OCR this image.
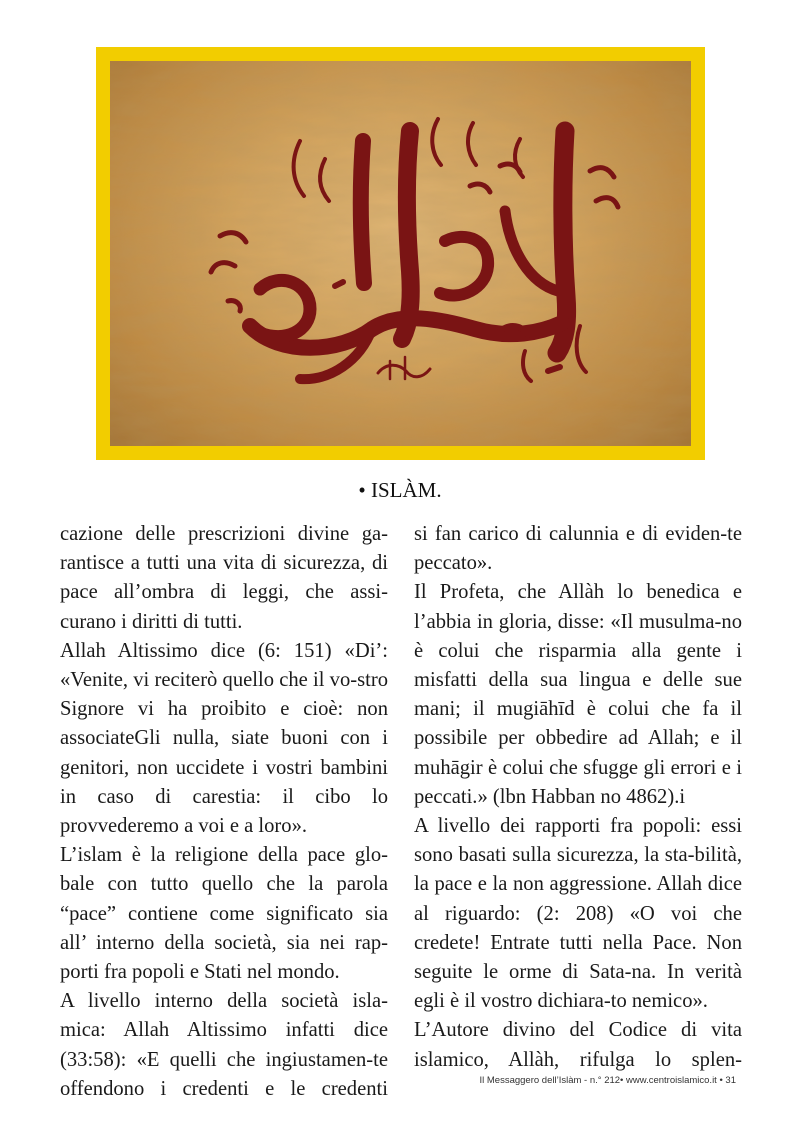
• ISLÀM.

cazione delle prescrizioni divine ga-rantisce a tutti una vita di sicurezza, di pace all’ombra di leggi, che assi-curano i diritti di tutti.

Allah Altissimo dice (6: 151) «Di’: «Venite, vi reciterò quello che il vo-stro Signore vi ha proibito e cioè: non associateGli nulla, siate buoni con i genitori, non uccidete i vostri bambini in caso di carestia: il cibo lo provvederemo a voi e a loro».

L’islam è la religione della pace glo-bale con tutto quello che la parola “pace” contiene come significato sia all’ interno della società, sia nei rap-porti fra popoli e Stati nel mondo.

A livello interno della società isla-mica: Allah Altissimo infatti dice (33:58): «E quelli che ingiustamen-te offendono i credenti e le credenti

si fan carico di calunnia e di eviden-te peccato».

Il Profeta, che Allàh lo benedica e l’abbia in gloria, disse: «Il musulma-no è colui che risparmia alla gente i misfatti della sua lingua e delle sue mani; il mugiāhīd è colui che fa il possibile per obbedire ad Allah; e il muhāgir è colui che sfugge gli errori e i peccati.» (lbn Habban no 4862).i

A livello dei rapporti fra popoli: essi sono basati sulla sicurezza, la sta-bilità, la pace e la non aggressione. Allah dice al riguardo: (2: 208) «O voi che credete! Entrate tutti nella Pace. Non seguite le orme di Sata-na. In verità egli è il vostro dichiara-to nemico».

L’Autore divino del Codice di vita islamico, Allàh, rifulga lo splen-

Il Messaggero dell’Islàm - n.° 212• www.centroislamico.it • 31
